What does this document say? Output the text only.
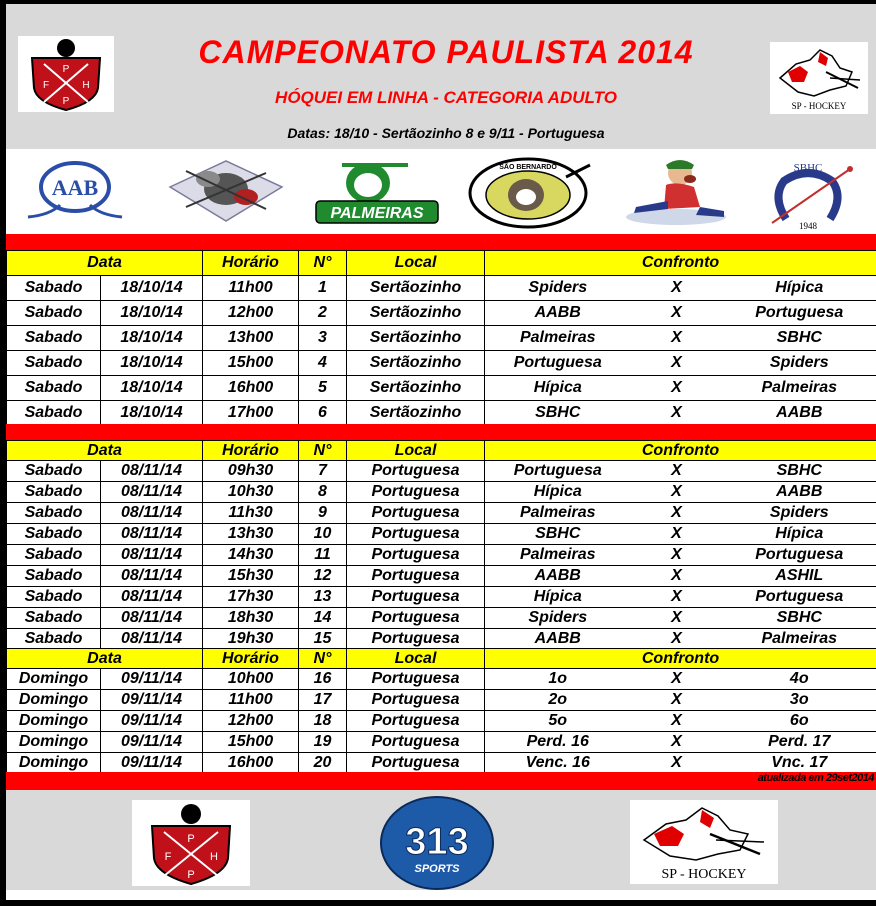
P
F	H
P
CAMPEONATO PAULISTA 2014
HÓQUEI EM LINHA - CATEGORIA ADULTO
Datas: 18/10 - Sertãozinho 8 e 9/11 - Portuguesa
SP - HOCKEY
AAB
PALMEIRAS
SÃO BERNARDO	SBHC
1948
Data		Horário	N°	Local	Confronto		
Sabado	18/10/14	11h00	1	Sertãozinho	Spiders	X	Hípica
Sabado	18/10/14	12h00	2	Sertãozinho	AABB	X	Portuguesa
Sabado	18/10/14	13h00	3	Sertãozinho	Palmeiras	X	SBHC
Sabado	18/10/14	15h00	4	Sertãozinho	Portuguesa	X	Spiders
Sabado	18/10/14	16h00	5	Sertãozinho	Hípica	X	Palmeiras
Sabado	18/10/14	17h00	6	Sertãozinho	SBHC	X	AABB
Data		Horário	N°	Local	Confronto		
Sabado	08/11/14	09h30	7	Portuguesa	Portuguesa	X	SBHC
Sabado	08/11/14	10h30	8	Portuguesa	Hípica	X	AABB
Sabado	08/11/14	11h30	9	Portuguesa	Palmeiras	X	Spiders
Sabado	08/11/14	13h30	10	Portuguesa	SBHC	X	Hípica
Sabado	08/11/14	14h30	11	Portuguesa	Palmeiras	X	Portuguesa
Sabado	08/11/14	15h30	12	Portuguesa	AABB	X	ASHIL
Sabado	08/11/14	17h30	13	Portuguesa	Hípica	X	Portuguesa
Sabado	08/11/14	18h30	14	Portuguesa	Spiders	X	SBHC
Sabado	08/11/14	19h30	15	Portuguesa	AABB	X	Palmeiras
Data		Horário	N°	Local	Confronto		
Domingo	09/11/14	10h00	16	Portuguesa	1o	X	4o
Domingo	09/11/14	11h00	17	Portuguesa	2o	X	3o
Domingo	09/11/14	12h00	18	Portuguesa	5o	X	6o
Domingo	09/11/14	15h00	19	Portuguesa	Perd. 16	X	Perd. 17
Domingo	09/11/14	16h00	20	Portuguesa	Venc. 16	X	Vnc. 17
atualizada em 29set2014
P
F	H
P
313
SPORTS	SP - HOCKEY
